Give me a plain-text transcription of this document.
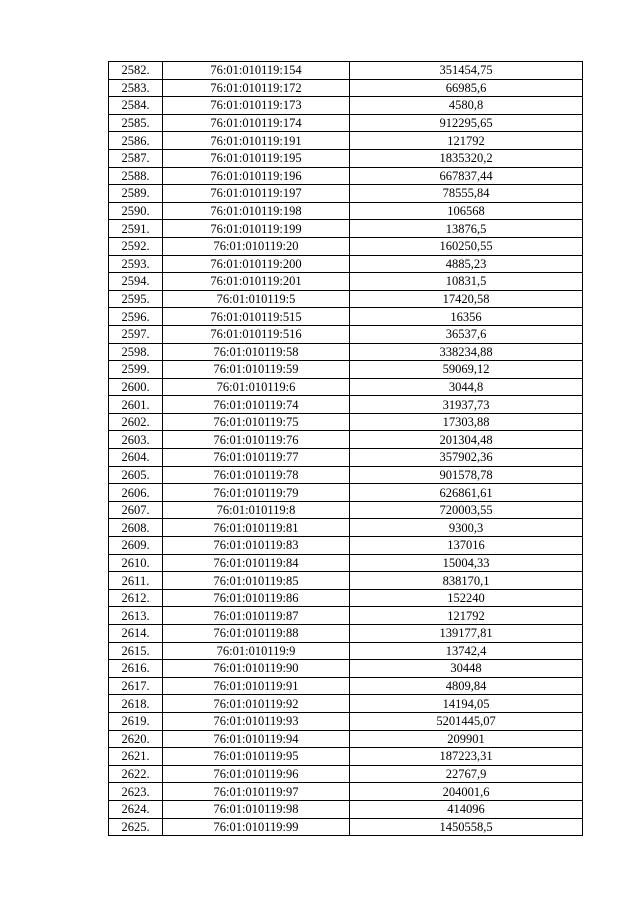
2582.	76:01:010119:154	351454,75
2583.	76:01:010119:172	66985,6
2584.	76:01:010119:173	4580,8
2585.	76:01:010119:174	912295,65
2586.	76:01:010119:191	121792
2587.	76:01:010119:195	1835320,2
2588.	76:01:010119:196	667837,44
2589.	76:01:010119:197	78555,84
2590.	76:01:010119:198	106568
2591.	76:01:010119:199	13876,5
2592.	76:01:010119:20	160250,55
2593.	76:01:010119:200	4885,23
2594.	76:01:010119:201	10831,5
2595.	76:01:010119:5	17420,58
2596.	76:01:010119:515	16356
2597.	76:01:010119:516	36537,6
2598.	76:01:010119:58	338234,88
2599.	76:01:010119:59	59069,12
2600.	76:01:010119:6	3044,8
2601.	76:01:010119:74	31937,73
2602.	76:01:010119:75	17303,88
2603.	76:01:010119:76	201304,48
2604.	76:01:010119:77	357902,36
2605.	76:01:010119:78	901578,78
2606.	76:01:010119:79	626861,61
2607.	76:01:010119:8	720003,55
2608.	76:01:010119:81	9300,3
2609.	76:01:010119:83	137016
2610.	76:01:010119:84	15004,33
2611.	76:01:010119:85	838170,1
2612.	76:01:010119:86	152240
2613.	76:01:010119:87	121792
2614.	76:01:010119:88	139177,81
2615.	76:01:010119:9	13742,4
2616.	76:01:010119:90	30448
2617.	76:01:010119:91	4809,84
2618.	76:01:010119:92	14194,05
2619.	76:01:010119:93	5201445,07
2620.	76:01:010119:94	209901
2621.	76:01:010119:95	187223,31
2622.	76:01:010119:96	22767,9
2623.	76:01:010119:97	204001,6
2624.	76:01:010119:98	414096
2625.	76:01:010119:99	1450558,5
